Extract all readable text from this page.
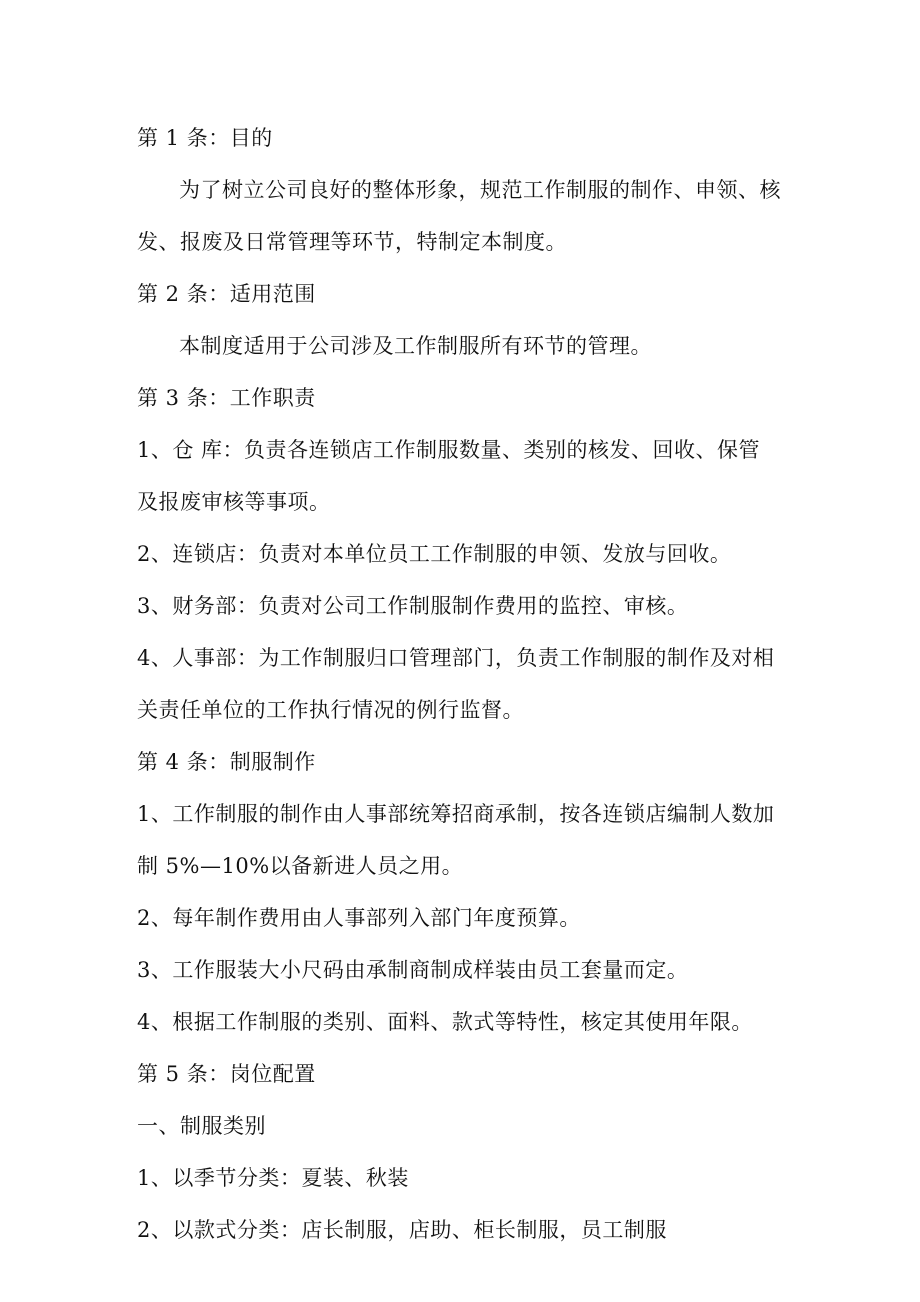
第 1 条：目的
为了树立公司良好的整体形象，规范工作制服的制作、申领、核
发、报废及日常管理等环节，特制定本制度。
第 2 条：适用范围
本制度适用于公司涉及工作制服所有环节的管理。
第 3 条：工作职责
1、仓 库：负责各连锁店工作制服数量、类别的核发、回收、保管
及报废审核等事项。
2、连锁店：负责对本单位员工工作制服的申领、发放与回收。
3、财务部：负责对公司工作制服制作费用的监控、审核。
4、人事部：为工作制服归口管理部门，负责工作制服的制作及对相
关责任单位的工作执行情况的例行监督。
第 4 条：制服制作
1、工作制服的制作由人事部统筹招商承制，按各连锁店编制人数加
制 5%—10%以备新进人员之用。
2、每年制作费用由人事部列入部门年度预算。
3、工作服装大小尺码由承制商制成样装由员工套量而定。
4、根据工作制服的类别、面料、款式等特性，核定其使用年限。
第 5 条：岗位配置
一、制服类别
1、以季节分类：夏装、秋装
2、以款式分类：店长制服，店助、柜长制服，员工制服
